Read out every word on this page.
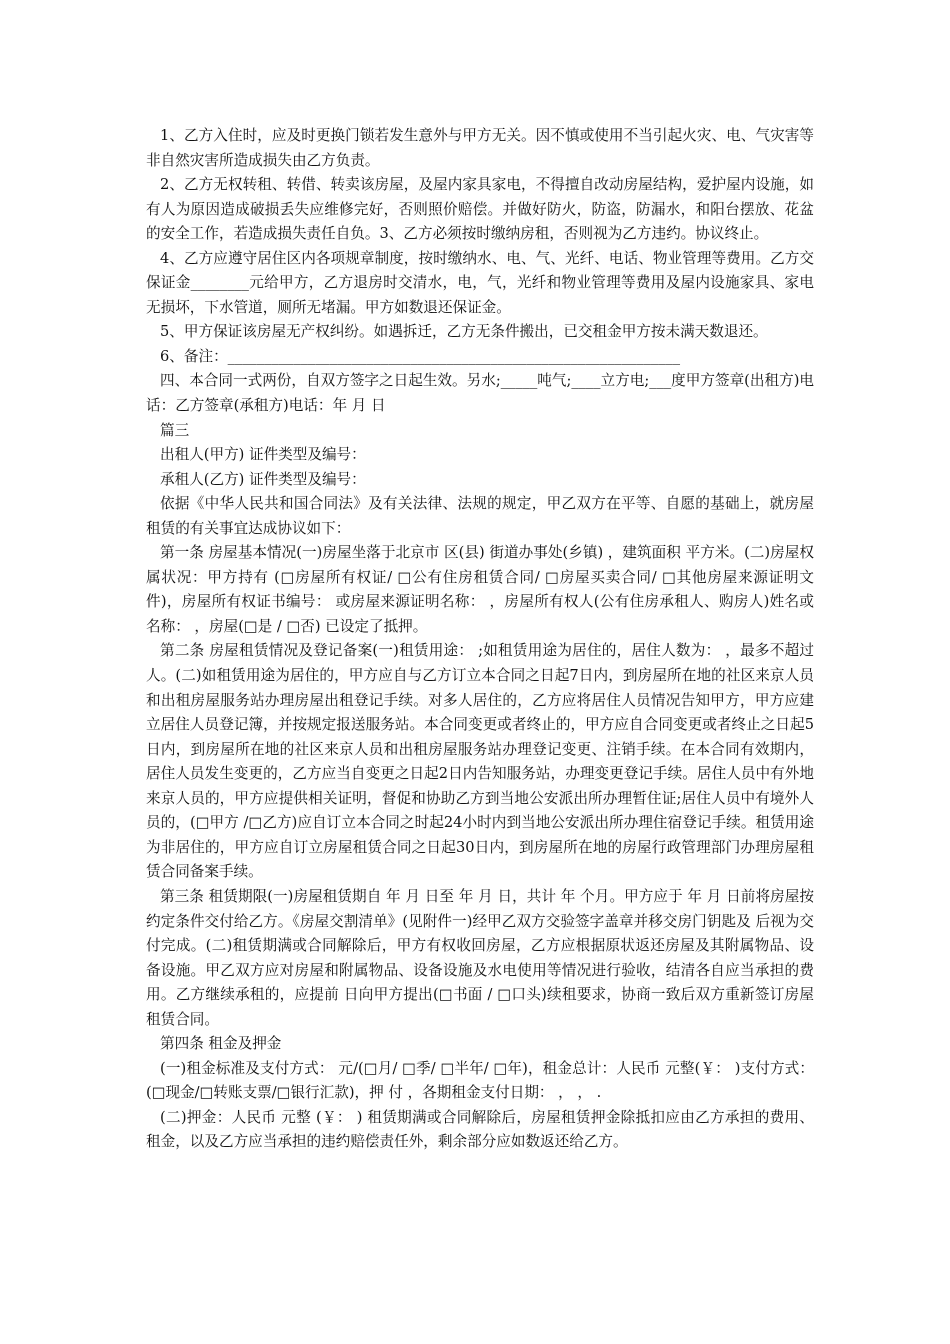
1、乙方入住时，应及时更换门锁若发生意外与甲方无关。因不慎或使用不当引起火灾、电、气灾害等非自然灾害所造成损失由乙方负责。

2、乙方无权转租、转借、转卖该房屋，及屋内家具家电，不得擅自改动房屋结构，爱护屋内设施，如有人为原因造成破损丢失应维修完好，否则照价赔偿。并做好防火，防盗，防漏水，和阳台摆放、花盆的安全工作，若造成损失责任自负。3、乙方必须按时缴纳房租，否则视为乙方违约。协议终止。

4、乙方应遵守居住区内各项规章制度，按时缴纳水、电、气、光纤、电话、物业管理等费用。乙方交保证金________元给甲方，乙方退房时交清水，电，气，光纤和物业管理等费用及屋内设施家具、家电无损坏，下水管道，厕所无堵漏。甲方如数退还保证金。

5、甲方保证该房屋无产权纠纷。如遇拆迁，乙方无条件搬出，已交租金甲方按未满天数退还。

6、备注：______________________________________________________________

四、本合同一式两份，自双方签字之日起生效。另水;_____吨气;____立方电;___度甲方签章(出租方)电话：乙方签章(承租方)电话：年 月 日

篇三

出租人(甲方) 证件类型及编号：

承租人(乙方) 证件类型及编号：

依据《中华人民共和国合同法》及有关法律、法规的规定，甲乙双方在平等、自愿的基础上，就房屋租赁的有关事宜达成协议如下：

第一条 房屋基本情况(一)房屋坐落于北京市 区(县) 街道办事处(乡镇) ，建筑面积 平方米。(二)房屋权属状况：甲方持有 (□房屋所有权证/ □公有住房租赁合同/ □房屋买卖合同/ □其他房屋来源证明文件)，房屋所有权证书编号： 或房屋来源证明名称： ，房屋所有权人(公有住房承租人、购房人)姓名或名称： ，房屋(□是 / □否) 已设定了抵押。

第二条 房屋租赁情况及登记备案(一)租赁用途： ;如租赁用途为居住的，居住人数为： ，最多不超过 人。(二)如租赁用途为居住的，甲方应自与乙方订立本合同之日起7日内，到房屋所在地的社区来京人员和出租房屋服务站办理房屋出租登记手续。对多人居住的，乙方应将居住人员情况告知甲方，甲方应建立居住人员登记簿，并按规定报送服务站。本合同变更或者终止的，甲方应自合同变更或者终止之日起5日内，到房屋所在地的社区来京人员和出租房屋服务站办理登记变更、注销手续。在本合同有效期内，居住人员发生变更的，乙方应当自变更之日起2日内告知服务站，办理变更登记手续。居住人员中有外地来京人员的，甲方应提供相关证明，督促和协助乙方到当地公安派出所办理暂住证;居住人员中有境外人员的，(□甲方 /□乙方)应自订立本合同之时起24小时内到当地公安派出所办理住宿登记手续。租赁用途为非居住的，甲方应自订立房屋租赁合同之日起30日内，到房屋所在地的房屋行政管理部门办理房屋租赁合同备案手续。

第三条 租赁期限(一)房屋租赁期自 年 月 日至 年 月 日，共计 年 个月。甲方应于 年 月 日前将房屋按约定条件交付给乙方。《房屋交割清单》(见附件一)经甲乙双方交验签字盖章并移交房门钥匙及 后视为交付完成。(二)租赁期满或合同解除后，甲方有权收回房屋，乙方应根据原状返还房屋及其附属物品、设备设施。甲乙双方应对房屋和附属物品、设备设施及水电使用等情况进行验收，结清各自应当承担的费用。乙方继续承租的，应提前 日向甲方提出(□书面 / □口头)续租要求，协商一致后双方重新签订房屋租赁合同。

第四条 租金及押金

(一)租金标准及支付方式： 元/(□月/ □季/ □半年/ □年)，租金总计：人民币 元整(￥： )支付方式：(□现金/□转账支票/□银行汇款)，押 付 ，各期租金支付日期： ， ， .

(二)押金：人民币 元整 (￥： ) 租赁期满或合同解除后，房屋租赁押金除抵扣应由乙方承担的费用、租金，以及乙方应当承担的违约赔偿责任外，剩余部分应如数返还给乙方。
